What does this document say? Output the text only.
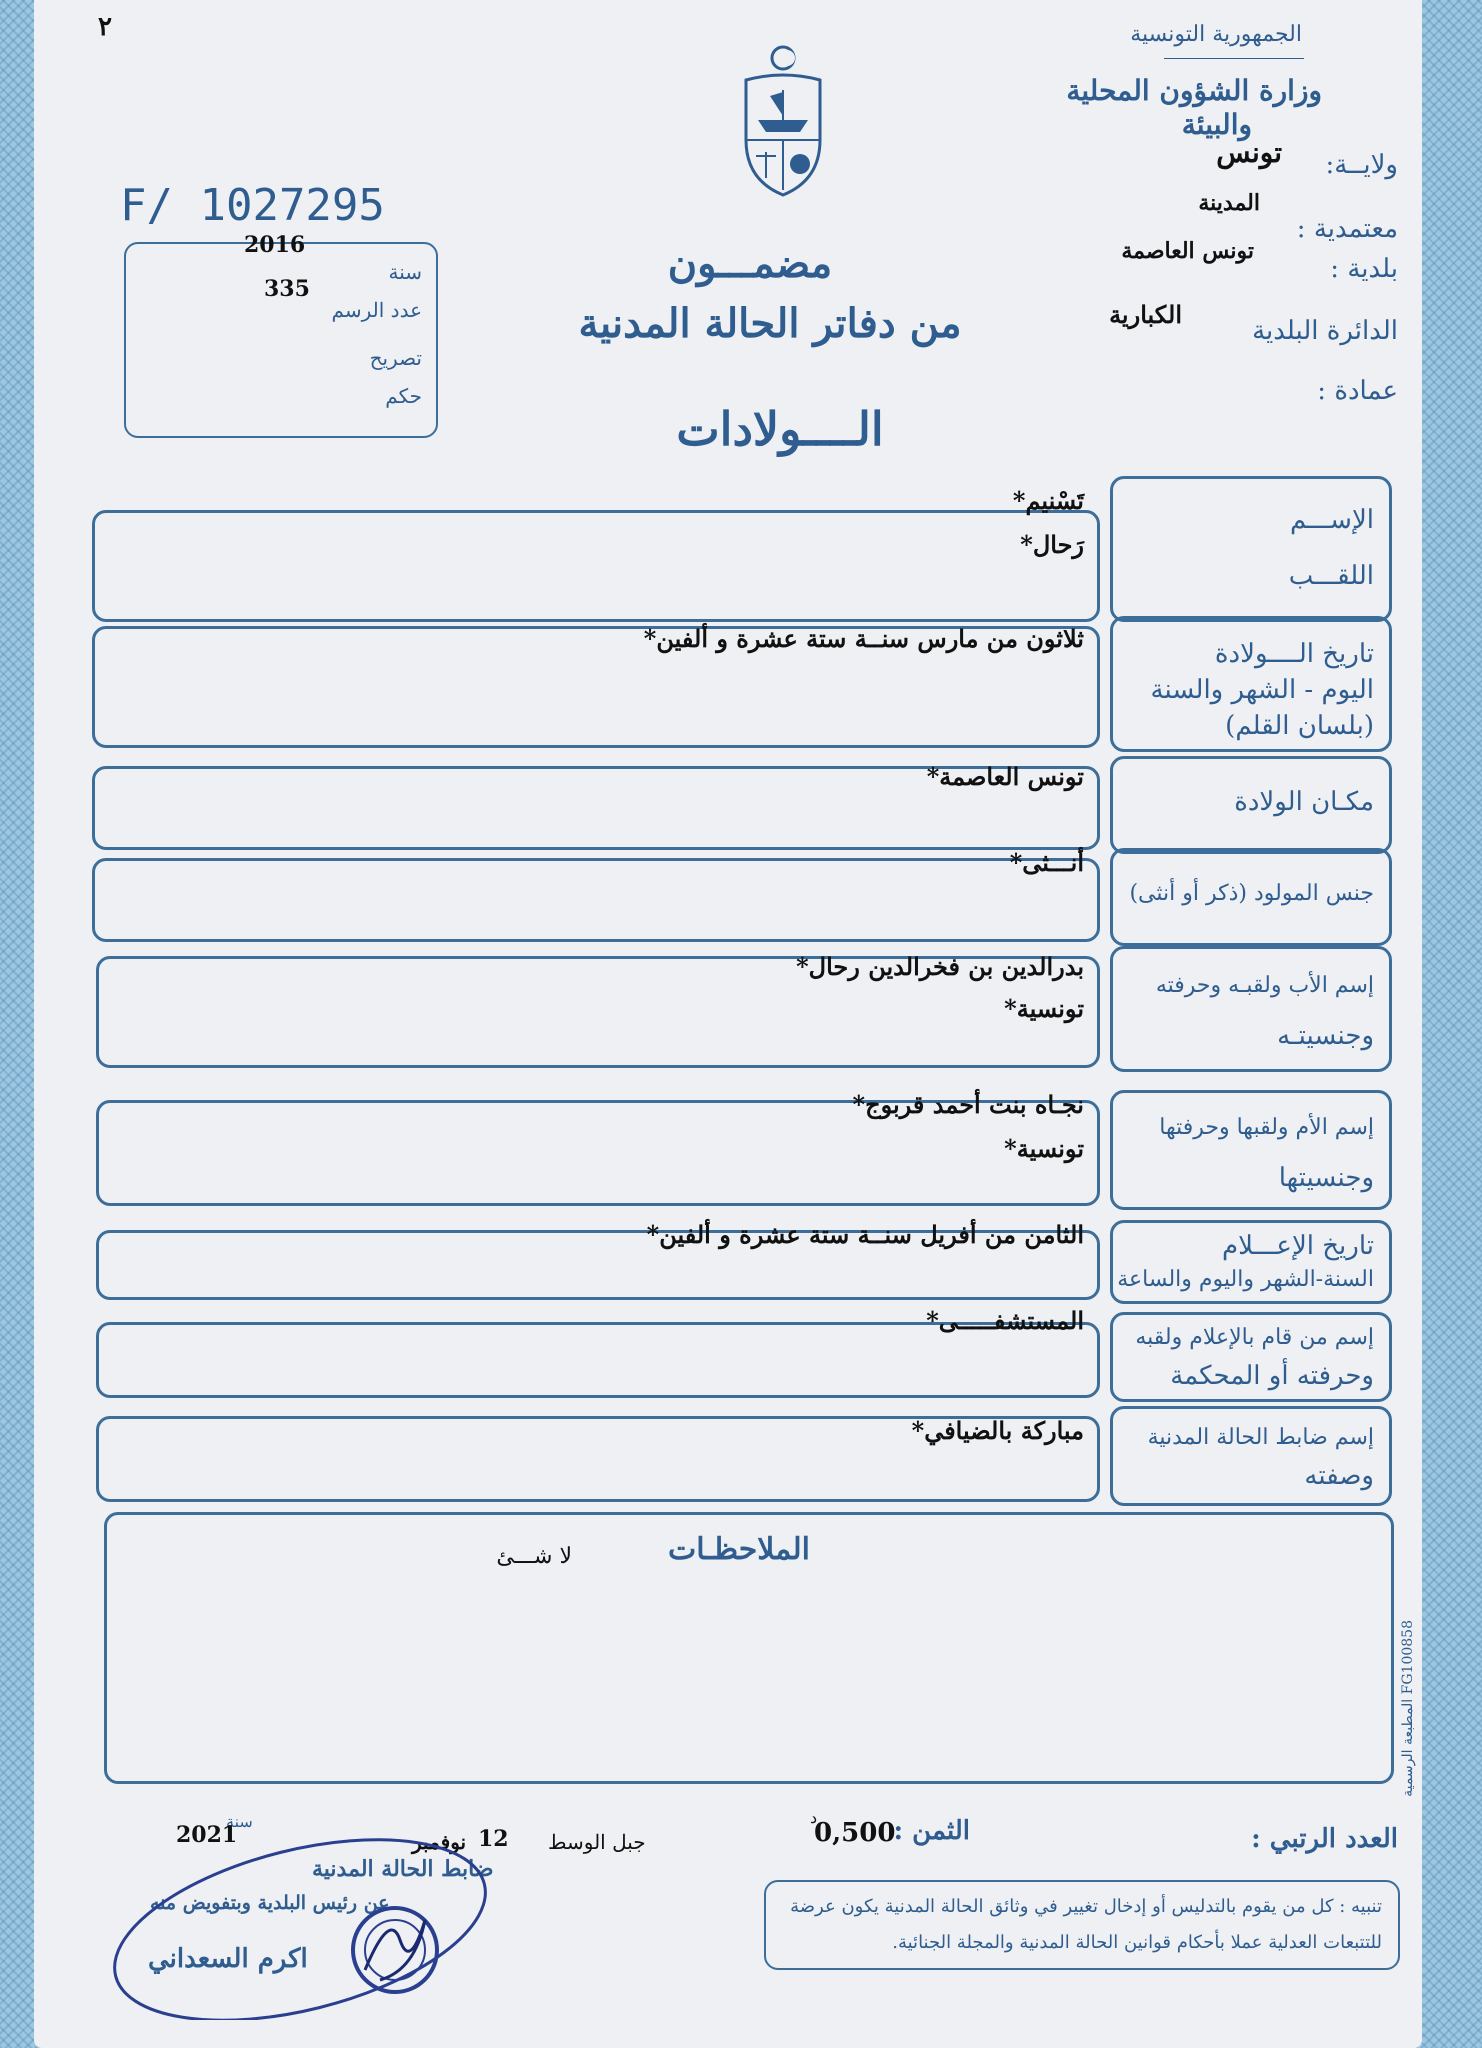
٢	الجمهورية التونسية
وزارة الشؤون المحلية
والبيئة
ولايــة:
تونس
معتمدية :
المدينة
بلدية :
تونس العاصمة
الدائرة البلدية
الكبارية
عمادة :
F/ 1027295
2016
335
سنة
عدد الرسم
تصريح
حكم
مضمـــون
من دفاتر الحالة المدنية
الــــولادات
الإســـم
اللقـــب
تَسْنيم*
رَحال*
تاريخ الــــولادة
اليوم - الشهر والسنة
(بلسان القلم)
ثلاثون من مارس سنــة ستة عشرة و ألفين*
مكـان الولادة
تونس العاصمة*
جنس المولود (ذكر أو أنثى)
أنـــثى*
إسم الأب ولقبـه وحرفته
وجنسيتـه
بدرالدين بن فخرالدين رحال*
تونسية*
إسم الأم ولقبها وحرفتها
وجنسيتها
نجـاه بنت أحمد قربوج*
تونسية*
تاريخ الإعـــلام
السنة-الشهر واليوم والساعة
الثامن من أفريل سنــة ستة عشرة و ألفين*
إسم من قام بالإعلام ولقبه
وحرفته أو المحكمة
المستشفـــــى*
إسم ضابط الحالة المدنية
وصفته
مباركة بالضيافي*
الملاحظـات
لا شـــئ
المطبعة الرسمية FG100858
العدد الرتبي :
الثمن :
0,500
د
جبل الوسط
12
نوفمبر
سنة
2021
ضابط الحالة المدنية
عن رئيس البلدية وبتفويض منه
اكرم السعداني
تنبيه : كل من يقوم بالتدليس أو إدخال تغيير في وثائق الحالة المدنية يكون عرضة
للتتبعات العدلية عملا بأحكام قوانين الحالة المدنية والمجلة الجنائية.
